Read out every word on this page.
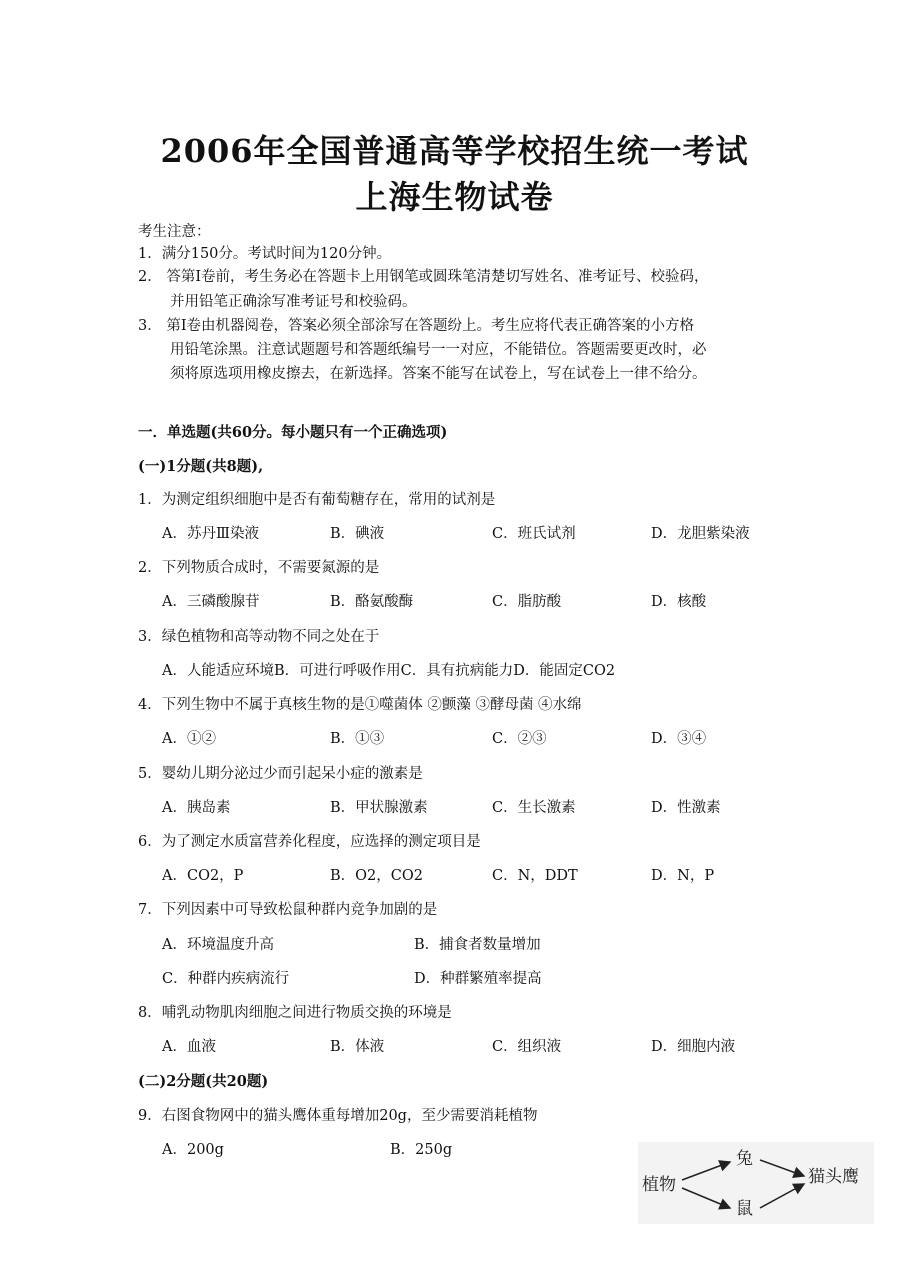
2006年全国普通高等学校招生统一考试
上海生物试卷
考生注意：
1．满分150分。考试时间为120分钟。
2． 答第Ⅰ卷前，考生务必在答题卡上用钢笔或圆珠笔清楚切写姓名、准考证号、校验码，
并用铅笔正确涂写准考证号和校验码。
3． 第Ⅰ卷由机器阅卷，答案必须全部涂写在答题纷上。考生应将代表正确答案的小方格
用铅笔涂黑。注意试题题号和答题纸编号一一对应，不能错位。答题需要更改时，必
须将原选项用橡皮擦去，在新选择。答案不能写在试卷上，写在试卷上一律不给分。
一．单选题(共60分。每小题只有一个正确选项)
(一)1分题(共8题),
1．为测定组织细胞中是否有葡萄糖存在，常用的试剂是
A．苏丹Ⅲ染液	B．碘液	C．班氏试剂	D．龙胆紫染液
2．下列物质合成时，不需要氮源的是
A．三磷酸腺苷	B．酪氨酸酶	C．脂肪酸	D．核酸
3．绿色植物和高等动物不同之处在于
A．人能适应环境B．可进行呼吸作用C．具有抗病能力D．能固定CO2
4．下列生物中不属于真核生物的是①噬菌体 ②颤藻 ③酵母菌 ④水绵
A．①②	B．①③	C．②③	D．③④
5．婴幼儿期分泌过少而引起呆小症的激素是
A．胰岛素	B．甲状腺激素	C．生长激素	D．性激素
6．为了测定水质富营养化程度，应选择的测定项目是
A．CO2，P	B．O2，CO2	C．N，DDT	D．N，P
7．下列因素中可导致松鼠种群内竞争加剧的是
A．环境温度升高	B．捕食者数量增加
C．种群内疾病流行	D．种群繁殖率提高
8．哺乳动物肌肉细胞之间进行物质交换的环境是
A．血液	B．体液	C．组织液	D．细胞内液
(二)2分题(共20题)
9．右图食物网中的猫头鹰体重每增加20g，至少需要消耗植物
A．200g	B．250g
植物
兔
鼠
猫头鹰
